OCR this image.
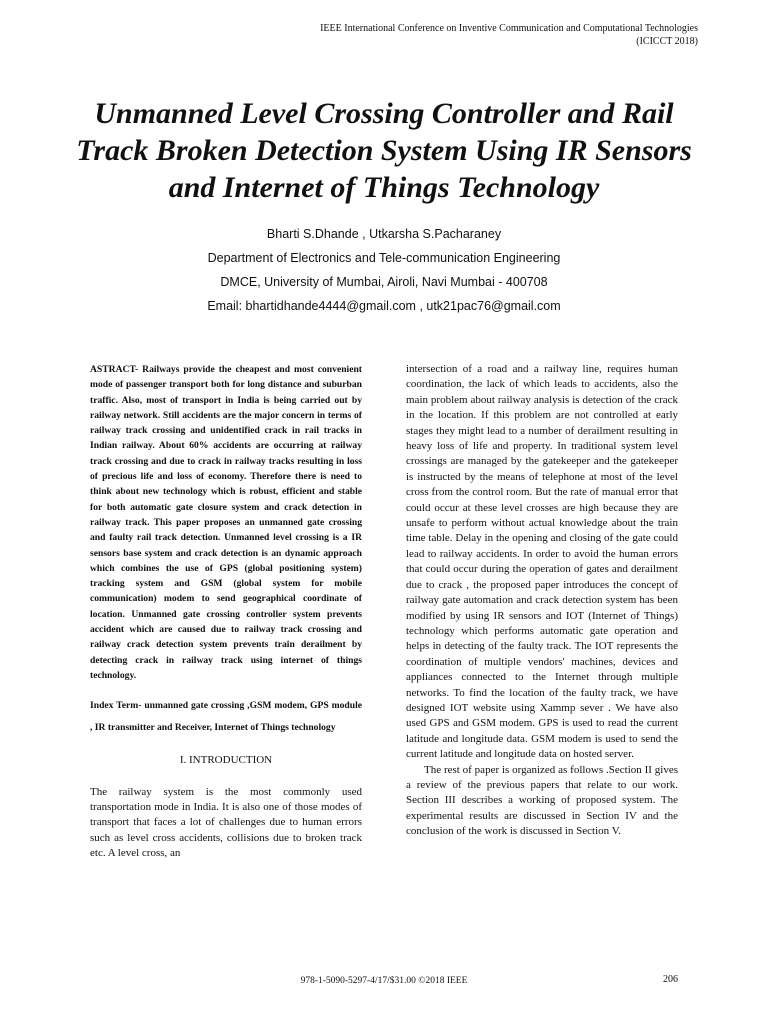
IEEE International Conference on Inventive Communication and Computational Technologies
(ICICCT 2018)
Unmanned Level Crossing Controller and Rail Track Broken Detection System Using IR Sensors and Internet of Things Technology
Bharti S.Dhande , Utkarsha S.Pacharaney
Department of Electronics and Tele-communication Engineering
DMCE, University of Mumbai, Airoli, Navi Mumbai - 400708
Email: bhartidhande4444@gmail.com , utk21pac76@gmail.com

ASTRACT- Railways provide the cheapest and most convenient mode of passenger transport both for long distance and suburban traffic. Also, most of transport in India is being carried out by railway network. Still accidents are the major concern in terms of railway track crossing and unidentified crack in rail tracks in Indian railway. About 60% accidents are occurring at railway track crossing and due to crack in railway tracks resulting in loss of precious life and loss of economy. Therefore there is need to think about new technology which is robust, efficient and stable for both automatic gate closure system and crack detection in railway track. This paper proposes an unmanned gate crossing and faulty rail track detection. Unmanned level crossing is a IR sensors base system and crack detection is an dynamic approach which combines the use of GPS (global positioning system) tracking system and GSM (global system for mobile communication) modem to send geographical coordinate of location. Unmanned gate crossing controller system prevents accident which are caused due to railway track crossing and railway crack detection system prevents train derailment by detecting crack in railway track using internet of things technology.

Index Term- unmanned gate crossing ,GSM modem, GPS module , IR transmitter and Receiver, Internet of Things technology

I. INTRODUCTION

The railway system is the most commonly used transportation mode in India. It is also one of those modes of transport that faces a lot of challenges due to human errors such as level cross accidents, collisions due to broken track etc. A level cross, an

intersection of a road and a railway line, requires human coordination, the lack of which leads to accidents, also the main problem about railway analysis is detection of the crack in the location. If this problem are not controlled at early stages they might lead to a number of derailment resulting in heavy loss of life and property. In traditional system level crossings are managed by the gatekeeper and the gatekeeper is instructed by the means of telephone at most of the level cross from the control room. But the rate of manual error that could occur at these level crosses are high because they are unsafe to perform without actual knowledge about the train time table. Delay in the opening and closing of the gate could lead to railway accidents. In order to avoid the human errors that could occur during the operation of gates and derailment due to crack , the proposed paper introduces the concept of railway gate automation and crack detection system has been modified by using IR sensors and IOT (Internet of Things) technology which performs automatic gate operation and helps in detecting of the faulty track. The IOT represents the coordination of multiple vendors' machines, devices and appliances connected to the Internet through multiple networks. To find the location of the faulty track, we have designed IOT website using Xammp sever . We have also used GPS and GSM modem. GPS is used to read the current latitude and longitude data. GSM modem is used to send the current latitude and longitude data on hosted server.

The rest of paper is organized as follows .Section II gives a review of the previous papers that relate to our work. Section III describes a working of proposed system. The experimental results are discussed in Section IV and the conclusion of the work is discussed in Section V.

978-1-5090-5297-4/17/$31.00 ©2018 IEEE	206
